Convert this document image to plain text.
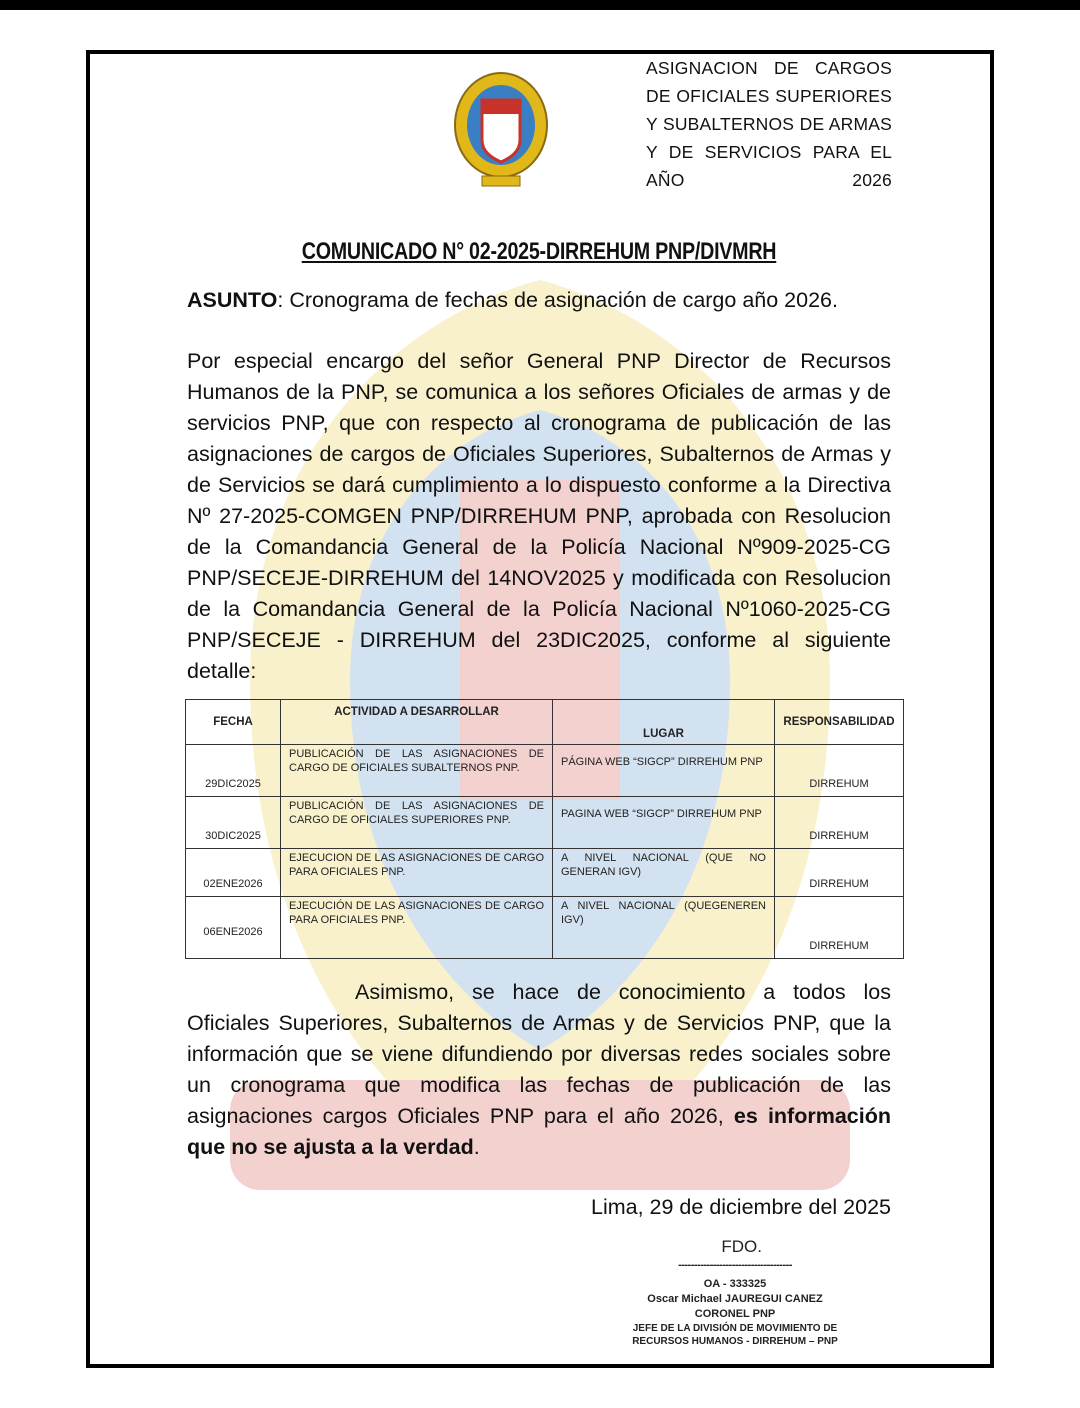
ASIGNACION DE CARGOS DE OFICIALES SUPERIORES Y SUBALTERNOS DE ARMAS Y DE SERVICIOS PARA EL AÑO 2026
COMUNICADO N° 02-2025-DIRREHUM PNP/DIVMRH
ASUNTO: Cronograma de fechas de asignación de cargo año 2026.
Por especial encargo del señor General PNP Director de Recursos Humanos de la PNP, se comunica a los señores Oficiales de armas y de servicios PNP, que con respecto al cronograma de publicación de las asignaciones de cargos de Oficiales Superiores, Subalternos de Armas y de Servicios se dará cumplimiento a lo dispuesto conforme a la Directiva Nº 27-2025-COMGEN PNP/DIRREHUM PNP, aprobada con Resolucion de la Comandancia General de la Policía Nacional Nº909-2025-CG PNP/SECEJE-DIRREHUM del 14NOV2025 y modificada con Resolucion de la Comandancia General de la Policía Nacional Nº1060-2025-CG PNP/SECEJE - DIRREHUM del 23DIC2025, conforme al siguiente detalle:
FECHA	ACTIVIDAD A DESARROLLAR	LUGAR	RESPONSABILIDAD
29DIC2025	PUBLICACIÓN DE LAS ASIGNACIONES DE CARGO DE OFICIALES SUBALTERNOS PNP.	PÁGINA WEB “SIGCP” DIRREHUM PNP	DIRREHUM
30DIC2025	PUBLICACIÓN DE LAS ASIGNACIONES DE CARGO DE OFICIALES SUPERIORES PNP.	PAGINA WEB “SIGCP” DIRREHUM PNP	DIRREHUM
02ENE2026	EJECUCION DE LAS ASIGNACIONES DE CARGO PARA OFICIALES PNP.	A NIVEL NACIONAL (QUE NO GENERAN IGV)	DIRREHUM
06ENE2026	EJECUCIÓN DE LAS ASIGNACIONES DE CARGO PARA OFICIALES PNP.	A NIVEL NACIONAL (QUEGENEREN IGV)	DIRREHUM
Asimismo, se hace de conocimiento a todos los Oficiales Superiores, Subalternos de Armas y de Servicios PNP, que la información que se viene difundiendo por diversas redes sociales sobre un cronograma que modifica las fechas de publicación de las asignaciones cargos Oficiales PNP para el año 2026, es información que no se ajusta a la verdad.
Lima, 29 de diciembre del 2025
FDO.
------------------------------------
OA - 333325
Oscar Michael JAUREGUI CANEZ
CORONEL PNP
JEFE DE LA DIVISIÓN DE MOVIMIENTO DE
RECURSOS HUMANOS - DIRREHUM – PNP
